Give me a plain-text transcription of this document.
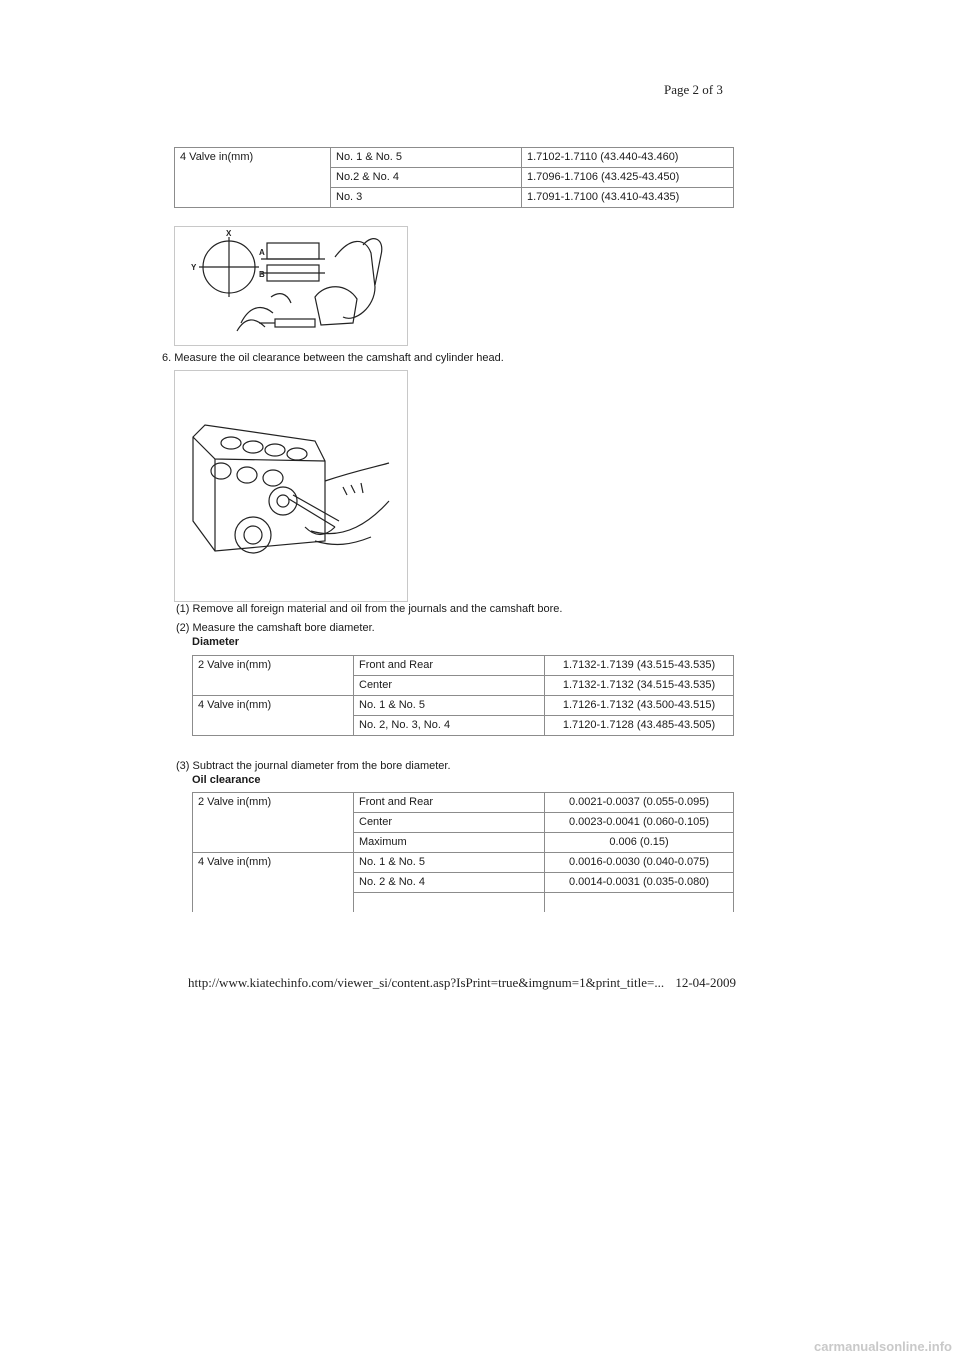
Page 2 of 3
4 Valve in(mm)	No. 1 & No. 5	1.7102-1.7110 (43.440-43.460)
	No.2 & No. 4	1.7096-1.7106 (43.425-43.450)
	No. 3	1.7091-1.7100 (43.410-43.435)
X
Y
A
B
6. Measure the oil clearance between the camshaft and cylinder head.
(1) Remove all foreign material and oil from the journals and the camshaft bore.
(2) Measure the camshaft bore diameter.
Diameter
2 Valve in(mm)	Front and Rear	1.7132-1.7139 (43.515-43.535)
	Center	1.7132-1.7132 (34.515-43.535)
4 Valve in(mm)	No. 1 & No. 5	1.7126-1.7132 (43.500-43.515)
	No. 2, No. 3, No. 4	1.7120-1.7128 (43.485-43.505)
(3) Subtract the journal diameter from the bore diameter.
Oil clearance
2 Valve in(mm)	Front and Rear	0.0021-0.0037 (0.055-0.095)
	Center	0.0023-0.0041 (0.060-0.105)
	Maximum	0.006 (0.15)
4 Valve in(mm)	No. 1 & No. 5	0.0016-0.0030 (0.040-0.075)
	No. 2 & No. 4	0.0014-0.0031 (0.035-0.080)

http://www.kiatechinfo.com/viewer_si/content.asp?IsPrint=true&imgnum=1&print_title=... 12-04-2009
carmanualsonline.info
